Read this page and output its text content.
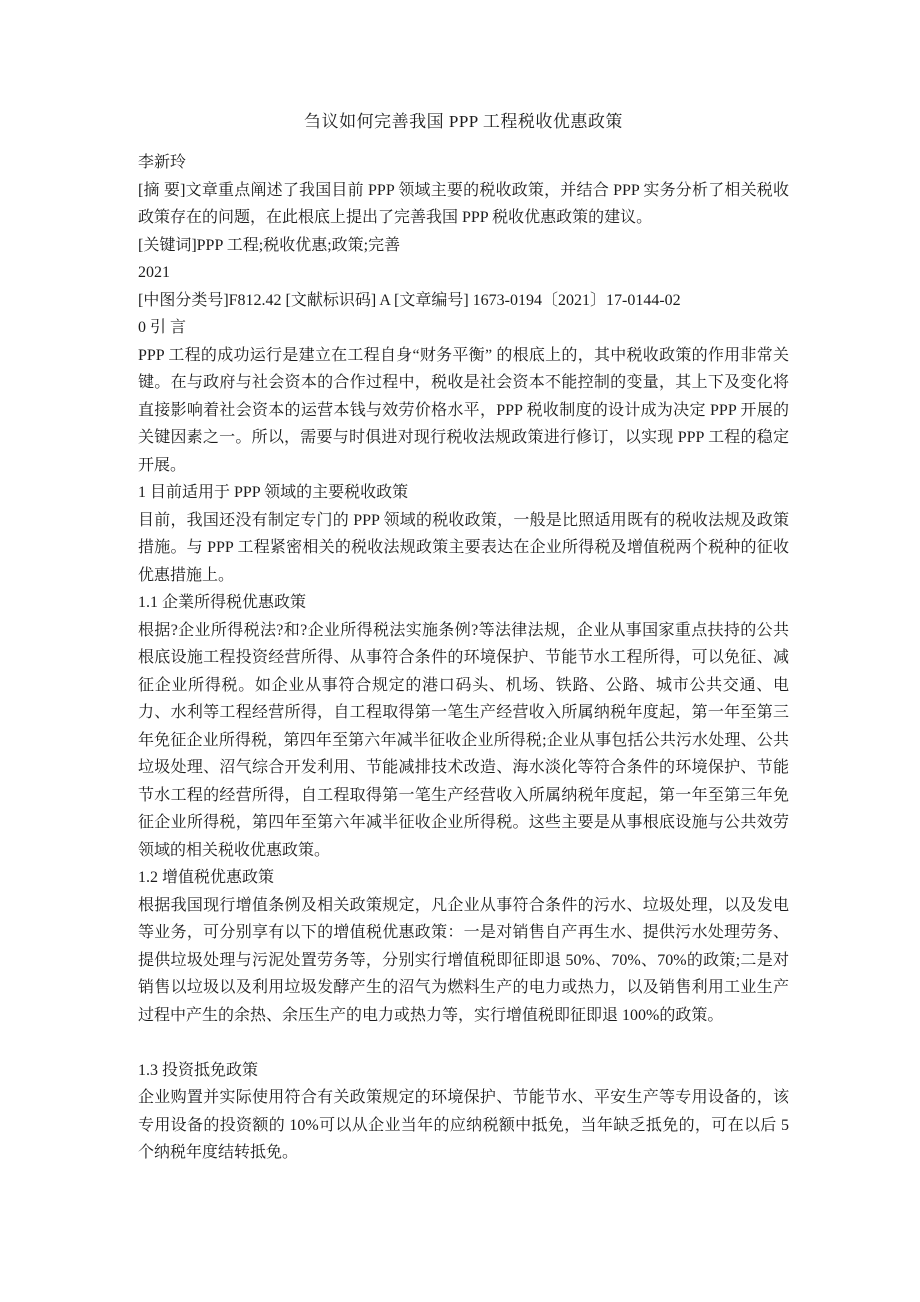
刍议如何完善我国 PPP 工程税收优惠政策

李新玲

[摘 要]文章重点阐述了我国目前 PPP 领域主要的税收政策，并结合 PPP 实务分析了相关税收政策存在的问题，在此根底上提出了完善我国 PPP 税收优惠政策的建议。

[关键词]PPP 工程;税收优惠;政策;完善

2021

[中图分类号]F812.42 [文献标识码] A [文章编号] 1673-0194〔2021〕17-0144-02

0 引 言

PPP 工程的成功运行是建立在工程自身“财务平衡” 的根底上的，其中税收政策的作用非常关键。在与政府与社会资本的合作过程中，税收是社会资本不能控制的变量，其上下及变化将直接影响着社会资本的运营本钱与效劳价格水平，PPP 税收制度的设计成为决定 PPP 开展的关键因素之一。所以，需要与时俱进对现行税收法规政策进行修订，以实现 PPP 工程的稳定开展。

1 目前适用于 PPP 领域的主要税收政策

目前，我国还没有制定专门的 PPP 领域的税收政策，一般是比照适用既有的税收法规及政策措施。与 PPP 工程紧密相关的税收法规政策主要表达在企业所得税及增值税两个税种的征收优惠措施上。

1.1 企業所得税优惠政策

根据?企业所得税法?和?企业所得税法实施条例?等法律法规，企业从事国家重点扶持的公共根底设施工程投资经营所得、从事符合条件的环境保护、节能节水工程所得，可以免征、减征企业所得税。如企业从事符合规定的港口码头、机场、铁路、公路、城市公共交通、电力、水利等工程经营所得，自工程取得第一笔生产经营收入所属纳税年度起，第一年至第三年免征企业所得税，第四年至第六年减半征收企业所得税;企业从事包括公共污水处理、公共垃圾处理、沼气综合开发利用、节能减排技术改造、海水淡化等符合条件的环境保护、节能节水工程的经营所得，自工程取得第一笔生产经营收入所属纳税年度起，第一年至第三年免征企业所得税，第四年至第六年减半征收企业所得税。这些主要是从事根底设施与公共效劳领域的相关税收优惠政策。

1.2 增值税优惠政策

根据我国现行增值条例及相关政策规定，凡企业从事符合条件的污水、垃圾处理，以及发电等业务，可分别享有以下的增值税优惠政策：一是对销售自产再生水、提供污水处理劳务、提供垃圾处理与污泥处置劳务等，分别实行增值税即征即退 50%、70%、70%的政策;二是对销售以垃圾以及利用垃圾发酵产生的沼气为燃料生产的电力或热力，以及销售利用工业生产过程中产生的余热、余压生产的电力或热力等，实行增值税即征即退 100%的政策。

1.3 投资抵免政策

企业购置并实际使用符合有关政策规定的环境保护、节能节水、平安生产等专用设备的，该专用设备的投资额的 10%可以从企业当年的应纳税额中抵免，当年缺乏抵免的，可在以后 5 个纳税年度结转抵免。
